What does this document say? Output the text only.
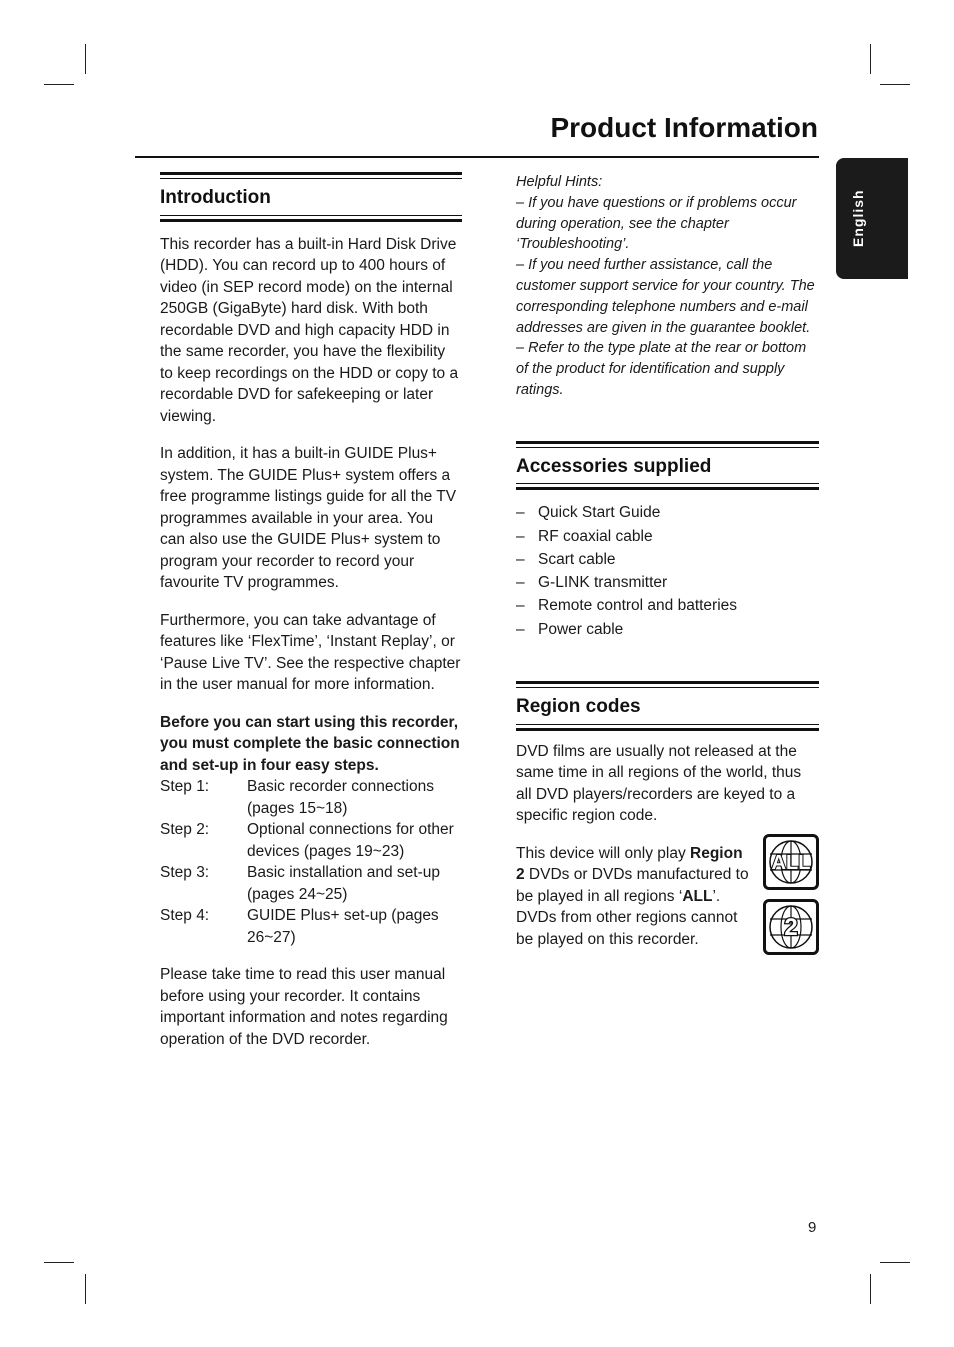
Product Information
English
Introduction

This recorder has a built-in Hard Disk Drive (HDD). You can record up to 400 hours of video (in SEP record mode) on the internal 250GB (GigaByte) hard disk. With both recordable DVD and high capacity HDD in the same recorder, you have the flexibility to keep recordings on the HDD or copy to a recordable DVD for safekeeping or later viewing.

In addition, it has a built-in GUIDE Plus+ system. The GUIDE Plus+ system offers a free programme listings guide for all the TV programmes available in your area. You can also use the GUIDE Plus+ system to program your recorder to record your favourite TV programmes.

Furthermore, you can take advantage of features like ‘FlexTime’, ‘Instant Replay’, or ‘Pause Live TV’. See the respective chapter in the user manual for more information.

Before you can start using this recorder, you must complete the basic connection and set-up in four easy steps.

Step 1:	Basic recorder connections (pages 15~18)
Step 2:	Optional connections for other devices (pages 19~23)
Step 3:	Basic installation and set-up (pages 24~25)
Step 4:	GUIDE Plus+ set-up (pages 26~27)

Please take time to read this user manual before using your recorder. It contains important information and notes regarding operation of the DVD recorder.

Helpful Hints:

– If you have questions or if problems occur during operation, see the chapter ‘Troubleshooting’.

– If you need further assistance, call the customer support service for your country. The corresponding telephone numbers and e-mail addresses are given in the guarantee booklet.

– Refer to the type plate at the rear or bottom of the product for identification and supply ratings.

Accessories supplied
– Quick Start Guide
– RF coaxial cable
– Scart cable
– G-LINK transmitter
– Remote control and batteries
– Power cable
Region codes

DVD films are usually not released at the same time in all regions of the world, thus all DVD players/recorders are keyed to a specific region code.

This device will only play Region 2 DVDs or DVDs manufactured to be played in all regions ‘ALL’. DVDs from other regions cannot be played on this recorder.

ALL
2
9
